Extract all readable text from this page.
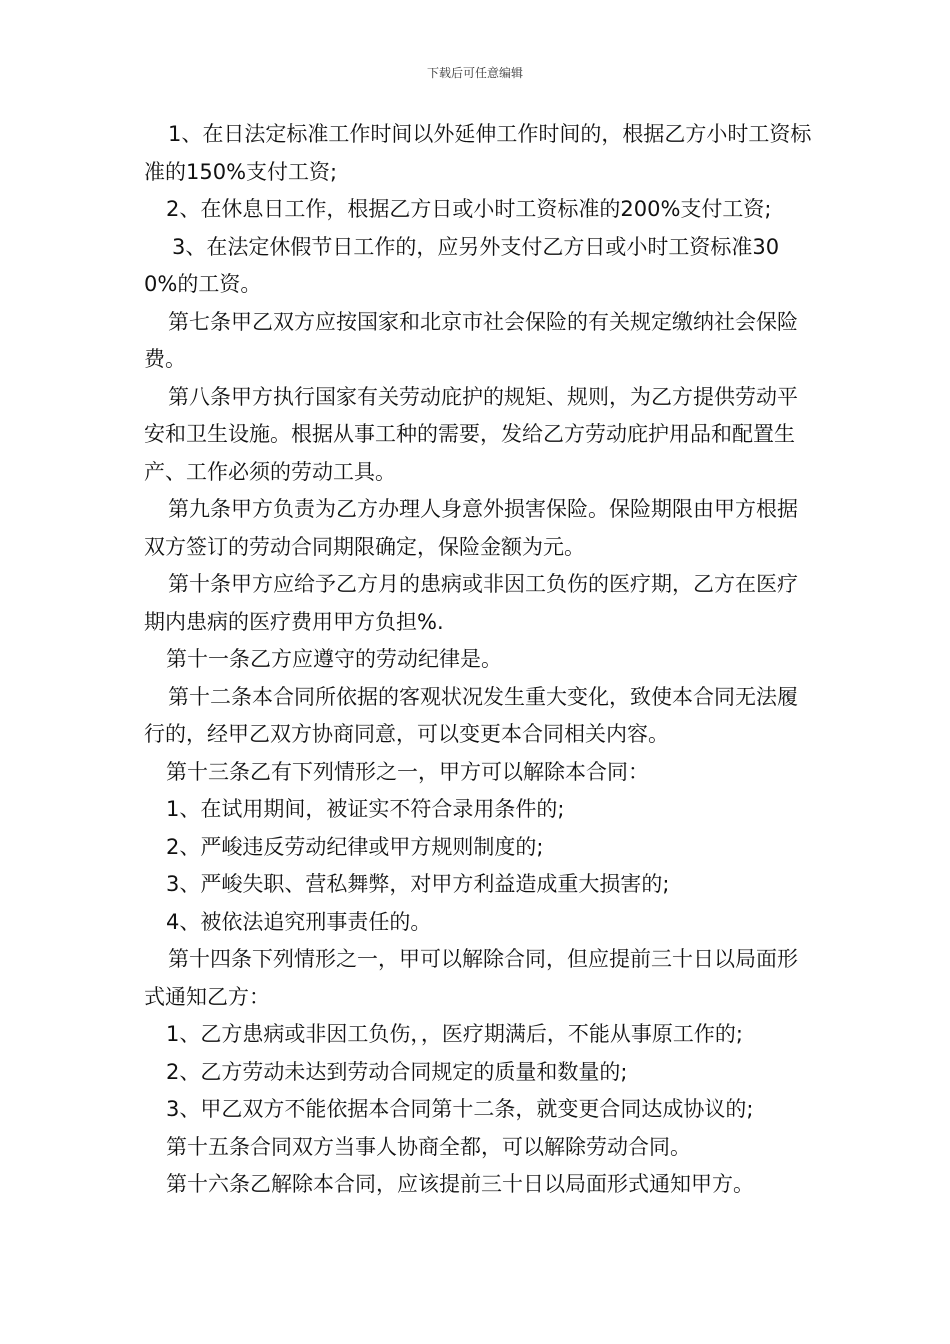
下载后可任意编辑

1、在日法定标准工作时间以外延伸工作时间的，根据乙方小时工资标准的150%支付工资;

2、在休息日工作，根据乙方日或小时工资标准的200%支付工资;

3、在法定休假节日工作的，应另外支付乙方日或小时工资标准300%的工资。

第七条甲乙双方应按国家和北京市社会保险的有关规定缴纳社会保险费。

第八条甲方执行国家有关劳动庇护的规矩、规则，为乙方提供劳动平安和卫生设施。根据从事工种的需要，发给乙方劳动庇护用品和配置生产、工作必须的劳动工具。

第九条甲方负责为乙方办理人身意外损害保险。保险期限由甲方根据双方签订的劳动合同期限确定，保险金额为元。

第十条甲方应给予乙方月的患病或非因工负伤的医疗期，乙方在医疗期内患病的医疗费用甲方负担%.

第十一条乙方应遵守的劳动纪律是。

第十二条本合同所依据的客观状况发生重大变化，致使本合同无法履行的，经甲乙双方协商同意，可以变更本合同相关内容。

第十三条乙有下列情形之一，甲方可以解除本合同：

1、在试用期间，被证实不符合录用条件的;

2、严峻违反劳动纪律或甲方规则制度的;

3、严峻失职、营私舞弊，对甲方利益造成重大损害的;

4、被依法追究刑事责任的。

第十四条下列情形之一，甲可以解除合同，但应提前三十日以局面形式通知乙方：

1、乙方患病或非因工负伤，，医疗期满后，不能从事原工作的;

2、乙方劳动未达到劳动合同规定的质量和数量的;

3、甲乙双方不能依据本合同第十二条，就变更合同达成协议的;

第十五条合同双方当事人协商全都，可以解除劳动合同。

第十六条乙解除本合同，应该提前三十日以局面形式通知甲方。
